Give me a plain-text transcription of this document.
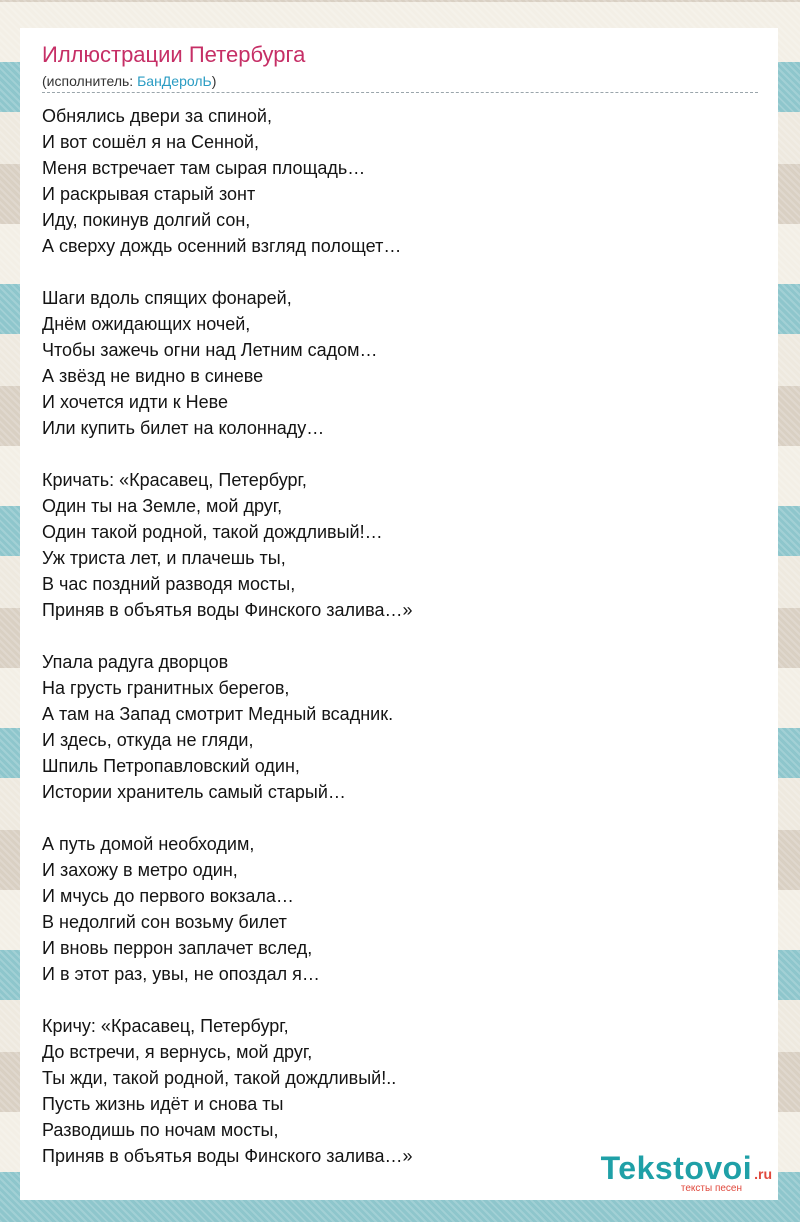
Иллюстрации Петербурга
(исполнитель: БанДеролЬ)
Обнялись двери за спиной,
И вот сошёл я на Сенной,
Меня встречает там сырая площадь…
И раскрывая старый зонт
Иду, покинув долгий сон,
А сверху дождь осенний взгляд полощет…
Шаги вдоль спящих фонарей,
Днём ожидающих ночей,
Чтобы зажечь огни над Летним садом…
А звёзд не видно в синеве
И хочется идти к Неве
Или купить билет на колоннаду…
Кричать: «Красавец, Петербург,
Один ты на Земле, мой друг,
Один такой родной, такой дождливый!…
Уж триста лет, и плачешь ты,
В час поздний разводя мосты,
Приняв в объятья воды Финского залива…»
Упала радуга дворцов
На грусть гранитных берегов,
А там на Запад смотрит Медный всадник.
И здесь, откуда не гляди,
Шпиль Петропавловский один,
Истории хранитель самый старый…
А путь домой необходим,
И захожу в метро один,
И мчусь до первого вокзала…
В недолгий сон возьму билет
И вновь перрон заплачет вслед,
И в этот раз, увы, не опоздал я…
Кричу: «Красавец, Петербург,
До встречи, я вернусь, мой друг,
Ты жди, такой родной, такой дождливый!..
Пусть жизнь идёт и снова ты
Разводишь по ночам мосты,
Приняв в объятья воды Финского залива…»	Tekstovoi .ru
тексты песен
